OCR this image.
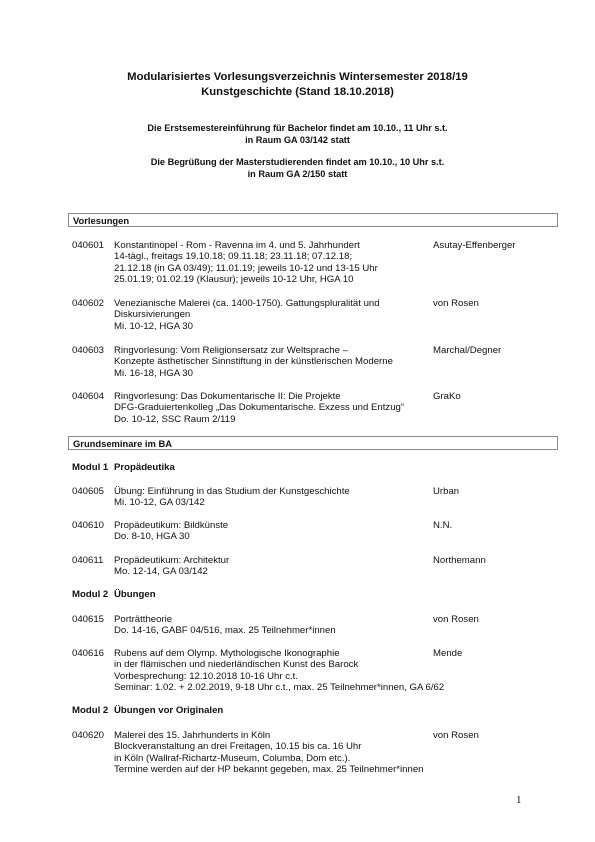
Modularisiertes Vorlesungsverzeichnis Wintersemester 2018/19
Kunstgeschichte (Stand 18.10.2018)
Die Erstsemestereinführung für Bachelor findet am 10.10., 11 Uhr s.t.
in Raum GA 03/142 statt
Die Begrüßung der Masterstudierenden findet am 10.10., 10 Uhr s.t.
in Raum GA 2/150 statt
Vorlesungen
040601 Konstantinopel - Rom - Ravenna im 4. und 5. Jahrhundert
14-tägl., freitags 19.10.18; 09.11.18; 23.11.18; 07.12.18;
21.12.18 (in GA 03/49); 11.01.19; jeweils 10-12 und 13-15 Uhr
25.01.19; 01.02.19 (Klausur); jeweils 10-12 Uhr, HGA 10
Asutay-Effenberger
040602 Venezianische Malerei (ca. 1400-1750). Gattungspluralität und
Diskursivierungen
Mi. 10-12, HGA 30
von Rosen
040603 Ringvorlesung: Vom Religionsersatz zur Weltsprache –
Konzepte ästhetischer Sinnstiftung in der künstlerischen Moderne
Mi. 16-18, HGA 30
Marchal/Degner
040604 Ringvorlesung: Das Dokumentarische II: Die Projekte
DFG-Graduiertenkolleg „Das Dokumentarische. Exzess und Entzug“
Do. 10-12, SSC Raum 2/119
GraKo
Grundseminare im BA
Modul 1 Propädeutika
040605 Übung: Einführung in das Studium der Kunstgeschichte
Mi. 10-12, GA 03/142
Urban
040610 Propädeutikum: Bildkünste
Do. 8-10, HGA 30
N.N.
040611 Propädeutikum: Architektur
Mo. 12-14, GA 03/142
Northemann
Modul 2 Übungen
040615 Porträttheorie
Do. 14-16, GABF 04/516, max. 25 Teilnehmer*innen
von Rosen
040616 Rubens auf dem Olymp. Mythologische Ikonographie
in der flämischen und niederländischen Kunst des Barock
Vorbesprechung: 12.10.2018 10-16 Uhr c.t.
Seminar: 1.02. + 2.02.2019, 9-18 Uhr c.t., max. 25 Teilnehmer*innen, GA 6/62
Mende
Modul 2 Übungen vor Originalen
040620 Malerei des 15. Jahrhunderts in Köln
Blockveranstaltung an drei Freitagen, 10.15 bis ca. 16 Uhr
in Köln (Wallraf-Richartz-Museum, Columba, Dom etc.).
Termine werden auf der HP bekannt gegeben, max. 25 Teilnehmer*innen
von Rosen
1
